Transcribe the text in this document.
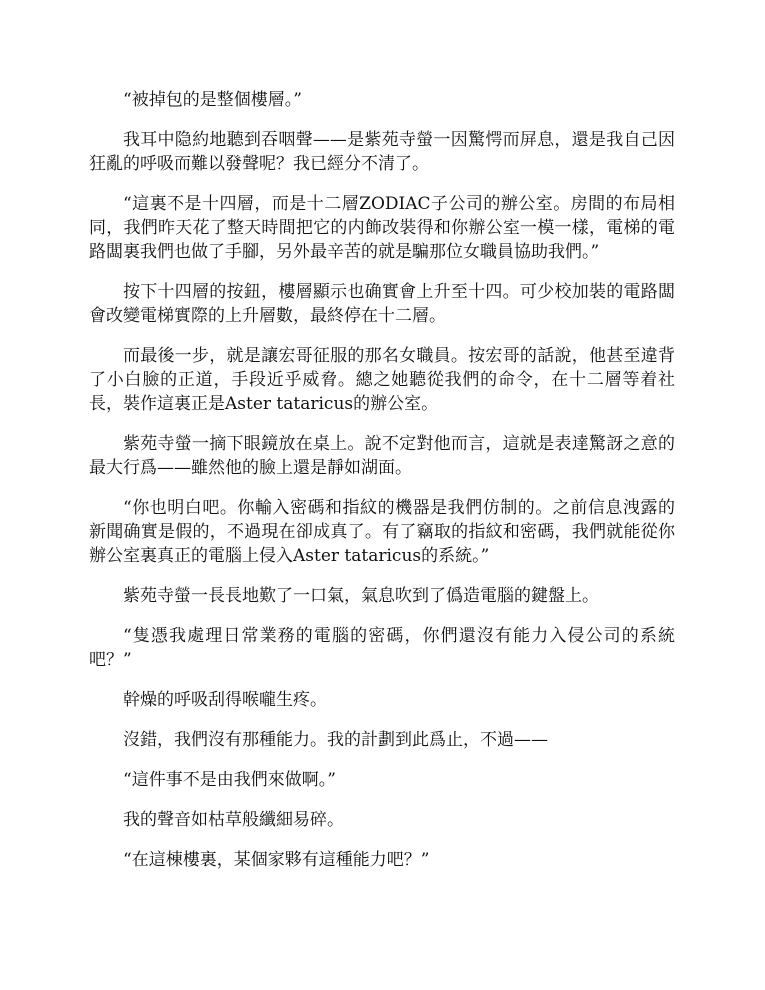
“被掉包的是整個樓層。”

我耳中隐約地聽到吞咽聲——是紫苑寺螢一因驚愕而屏息，還是我自己因狂亂的呼吸而難以發聲呢？我已經分不清了。

“這裏不是十四層，而是十二層ZODIAC子公司的辦公室。房間的布局相同，我們昨天花了整天時間把它的内飾改裝得和你辦公室一模一樣，電梯的電路闆裏我們也做了手腳，另外最辛苦的就是騙那位女職員協助我們。”

按下十四層的按鈕，樓層顯示也确實會上升至十四。可少校加裝的電路闆會改變電梯實際的上升層數，最終停在十二層。

而最後一步，就是讓宏哥征服的那名女職員。按宏哥的話說，他甚至違背了小白臉的正道，手段近乎威脅。總之她聽從我們的命令，在十二層等着社長，裝作這裏正是Aster tataricus的辦公室。

紫苑寺螢一摘下眼鏡放在桌上。說不定對他而言，這就是表達驚訝之意的最大行爲——雖然他的臉上還是靜如湖面。

“你也明白吧。你輸入密碼和指紋的機器是我們仿制的。之前信息洩露的新聞确實是假的，不過現在卻成真了。有了竊取的指紋和密碼，我們就能從你辦公室裏真正的電腦上侵入Aster tataricus的系統。”

紫苑寺螢一長長地歎了一口氣，氣息吹到了僞造電腦的鍵盤上。

“隻憑我處理日常業務的電腦的密碼，你們還沒有能力入侵公司的系統吧？”

幹燥的呼吸刮得喉嚨生疼。

沒錯，我們沒有那種能力。我的計劃到此爲止，不過——

“這件事不是由我們來做啊。”

我的聲音如枯草般纖細易碎。

“在這棟樓裏，某個家夥有這種能力吧？”
